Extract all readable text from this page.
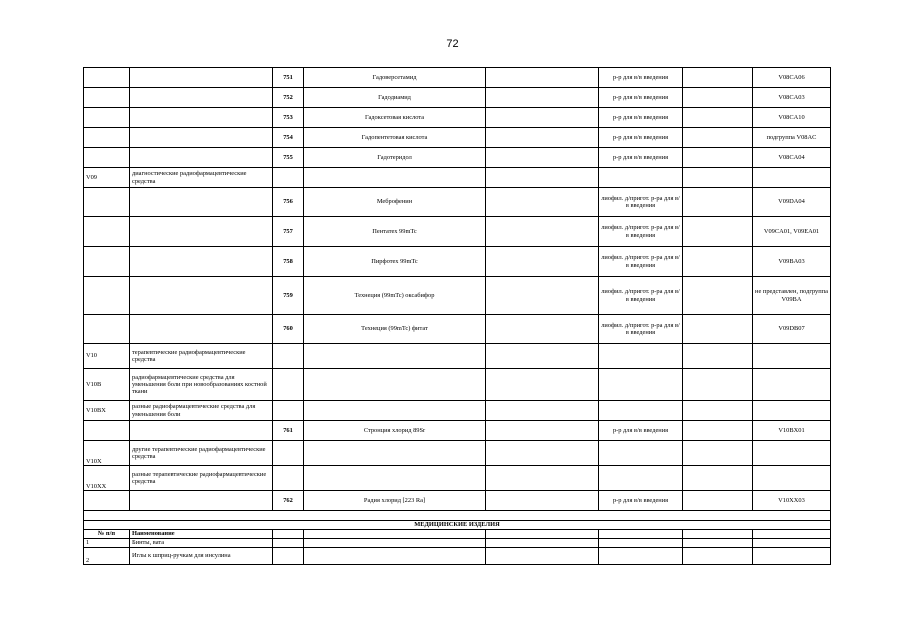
72
		751	Гадоверсетамид		р-р для в/в введения		V08CA06
		752	Гадодиамид		р-р для в/в введения		V08CA03
		753	Гадоксетовая кислота		р-р для в/в введения		V08CA10
		754	Гадопентетовая кислота		р-р для в/в введения		подгруппа V08AC
		755	Гадотеридол		р-р для в/в введения		V08CA04
V09	диагностические радиофармацевтические средства						
		756	Меброфенин		лиофил. д/пригот. р-ра для в/в введения		V09DA04
		757	Пентатех 99mTc		лиофил. д/пригот. р-ра для в/в введения		V09CA01, V09EA01
		758	Пирфотех 99mTc		лиофил. д/пригот. р-ра для в/в введения		V09BA03
		759	Технеция (99mTc) оксабифор		лиофил. д/пригот. р-ра для в/в введения		не представлен, подгруппа V09BA
		760	Технеция (99mTc) фитат		лиофил. д/пригот. р-ра для в/в введения		V09DB07
V10	терапевтические радиофармацевтические средства						
V10B	радиофармацевтические средства для уменьшения боли при новообразованиях костной ткани						
V10BX	разные радиофармацевтические средства для уменьшения боли						
		761	Стронция хлорид 89Sr		р-р для в/в введения		V10BX01
V10X	другие терапевтические радиофармацевтические средства						
V10XX	разные терапевтические радиофармацевтические средства						
		762	Радия хлорид [223 Ra]		р-р для в/в введения		V10XX03

МЕДИЦИНСКИЕ ИЗДЕЛИЯ							
№ п/п	Наименование						
1	Бинты, вата						
2	Иглы к шприц-ручкам для инсулина						
